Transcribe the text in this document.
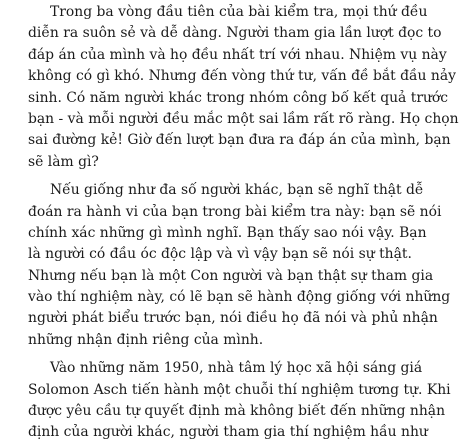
Trong ba vòng đầu tiên của bài kiểm tra, mọi thứ đều
diễn ra suôn sẻ và dễ dàng. Người tham gia lần lượt đọc to
đáp án của mình và họ đều nhất trí với nhau. Nhiệm vụ này
không có gì khó. Nhưng đến vòng thứ tư, vấn đề bắt đầu nảy
sinh. Có năm người khác trong nhóm công bố kết quả trước
bạn - và mỗi người đều mắc một sai lầm rất rõ ràng. Họ chọn
sai đường kẻ! Giờ đến lượt bạn đưa ra đáp án của mình, bạn
sẽ làm gì?
Nếu giống như đa số người khác, bạn sẽ nghĩ thật dễ
đoán ra hành vi của bạn trong bài kiểm tra này: bạn sẽ nói
chính xác những gì mình nghĩ. Bạn thấy sao nói vậy. Bạn
là người có đầu óc độc lập và vì vậy bạn sẽ nói sự thật.
Nhưng nếu bạn là một Con người và bạn thật sự tham gia
vào thí nghiệm này, có lẽ bạn sẽ hành động giống với những
người phát biểu trước bạn, nói điều họ đã nói và phủ nhận
những nhận định riêng của mình.
Vào những năm 1950, nhà tâm lý học xã hội sáng giá
Solomon Asch tiến hành một chuỗi thí nghiệm tương tự. Khi
được yêu cầu tự quyết định mà không biết đến những nhận
định của người khác, người tham gia thí nghiệm hầu như
